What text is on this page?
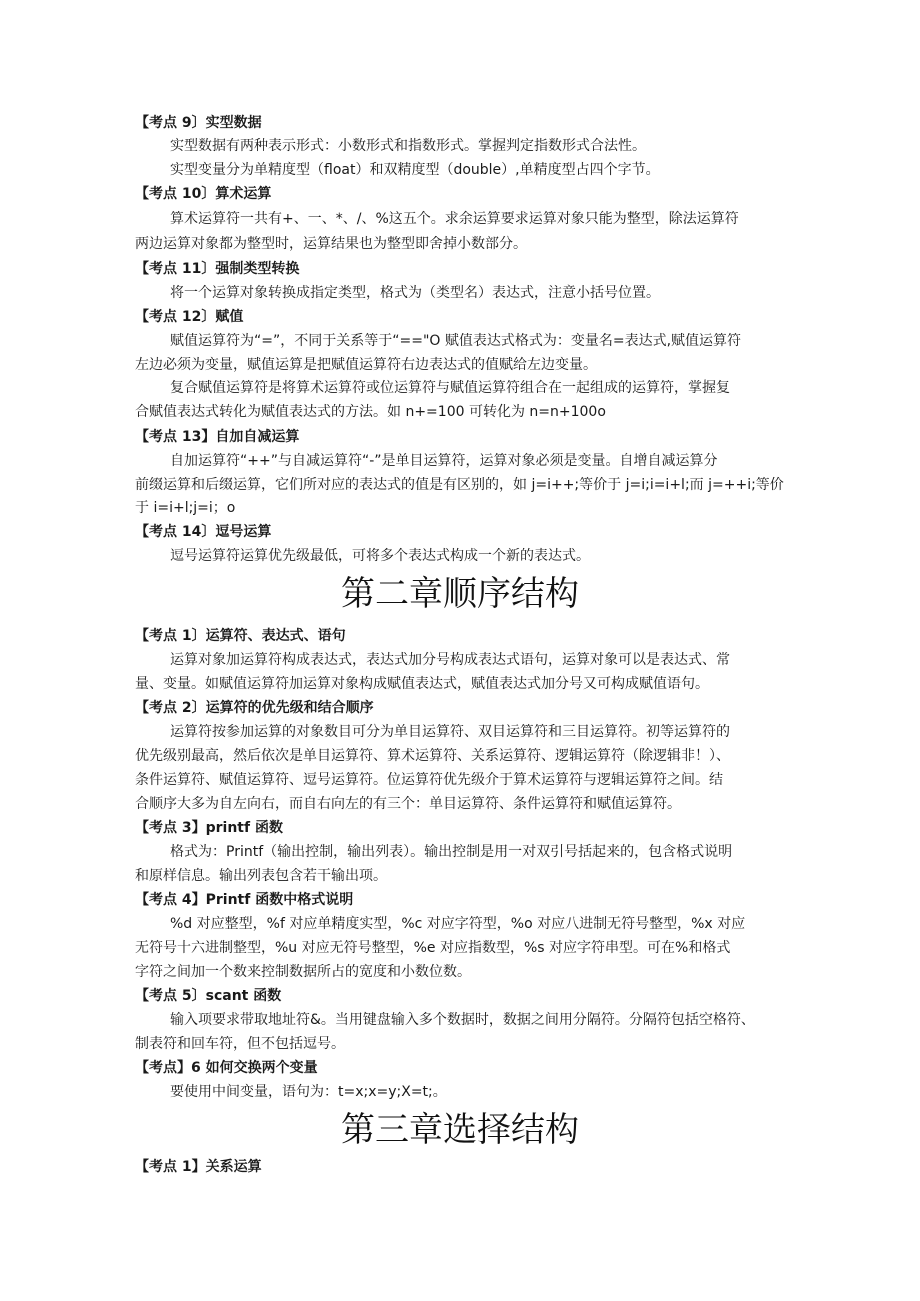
【考点 9〕实型数据
实型数据有两种表示形式：小数形式和指数形式。掌握判定指数形式合法性。
实型变量分为单精度型（float）和双精度型（double）,单精度型占四个字节。
【考点 10〕算术运算
算术运算符一共有+、一、*、/、%这五个。求余运算要求运算对象只能为整型，除法运算符
两边运算对象都为整型时，运算结果也为整型即舍掉小数部分。
【考点 11〕强制类型转换
将一个运算对象转换成指定类型，格式为（类型名）表达式，注意小括号位置。
【考点 12〕赋值
赋值运算符为“=”，不同于关系等于“=="O 赋值表达式格式为：变量名=表达式,赋值运算符
左边必须为变量，赋值运算是把赋值运算符右边表达式的值赋给左边变量。
复合赋值运算符是将算术运算符或位运算符与赋值运算符组合在一起组成的运算符，掌握复
合赋值表达式转化为赋值表达式的方法。如 n+=100 可转化为 n=n+100o
【考点 13】自加自减运算
自加运算符“++”与自减运算符“-”是单目运算符，运算对象必须是变量。自增自减运算分
前缀运算和后缀运算，它们所对应的表达式的值是有区别的，如 j=i++;等价于 j=i;i=i+l;而 j=++i;等价
于 i=i+l;j=i；o
【考点 14〕逗号运算
逗号运算符运算优先级最低，可将多个表达式构成一个新的表达式。
第二章顺序结构
【考点 1〕运算符、表达式、语句
运算对象加运算符构成表达式，表达式加分号构成表达式语句，运算对象可以是表达式、常
量、变量。如赋值运算符加运算对象构成赋值表达式，赋值表达式加分号又可构成赋值语句。
【考点 2〕运算符的优先级和结合顺序
运算符按参加运算的对象数目可分为单目运算符、双目运算符和三目运算符。初等运算符的
优先级别最高，然后依次是单目运算符、算术运算符、关系运算符、逻辑运算符（除逻辑非！）、
条件运算符、赋值运算符、逗号运算符。位运算符优先级介于算术运算符与逻辑运算符之间。结
合顺序大多为自左向右，而自右向左的有三个：单目运算符、条件运算符和赋值运算符。
【考点 3】printf 函数
格式为：Printf（输出控制，输出列表）。输出控制是用一对双引号括起来的，包含格式说明
和原样信息。输出列表包含若干输出项。
【考点 4】Printf 函数中格式说明
%d 对应整型，%f 对应单精度实型，%c 对应字符型，%o 对应八进制无符号整型，%x 对应
无符号十六进制整型，%u 对应无符号整型，%e 对应指数型，%s 对应字符串型。可在%和格式
字符之间加一个数来控制数据所占的宽度和小数位数。
【考点 5〕scant 函数
输入项要求带取地址符&。当用键盘输入多个数据时，数据之间用分隔符。分隔符包括空格符、
制表符和回车符，但不包括逗号。
【考点】6 如何交换两个变量
要使用中间变量，语句为：t=x;x=y;X=t;。
第三章选择结构
【考点 1】关系运算
